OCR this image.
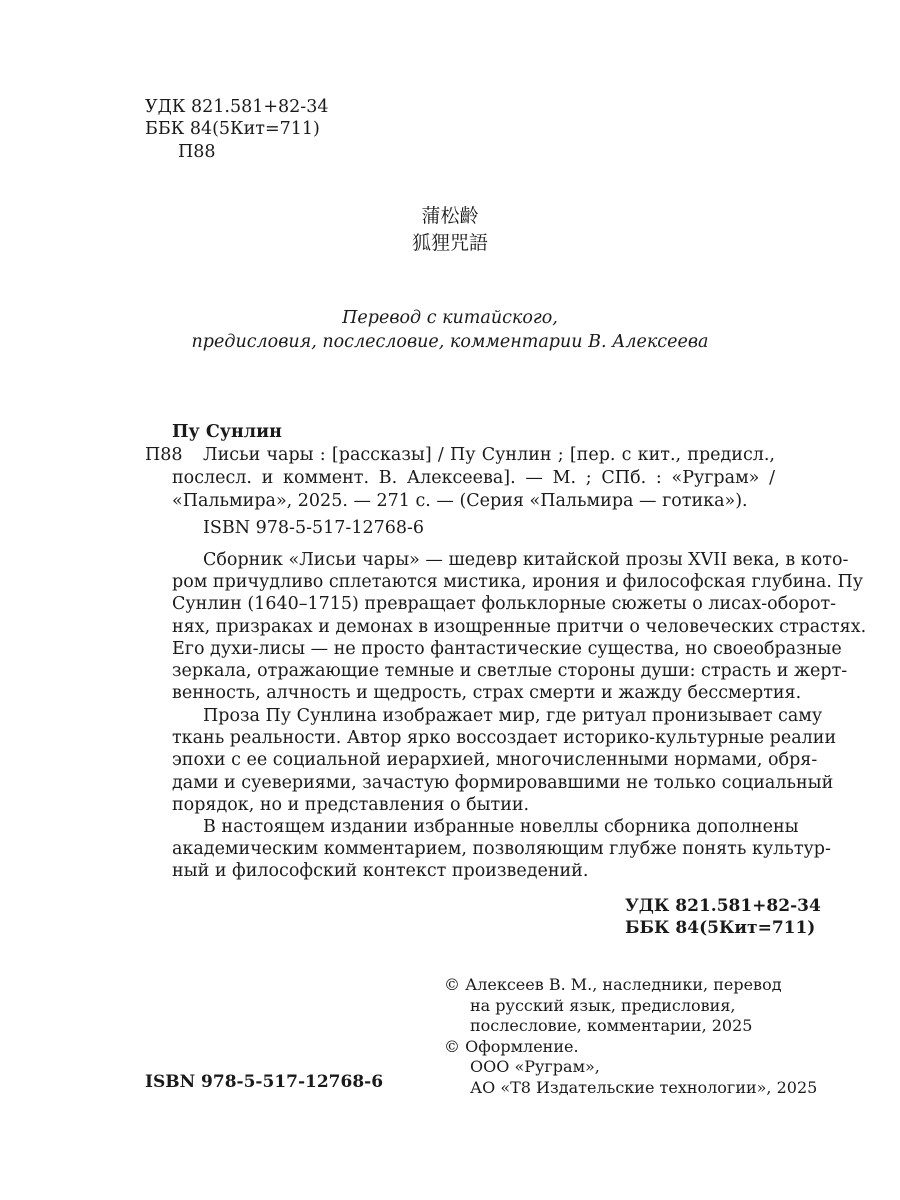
УДК 821.581+82-34
ББК 84(5Кит=711)
П88
蒲松齡
狐狸咒語
Перевод с китайского,
предисловия, послесловие, комментарии В. Алексеева
Пу Сунлин
П88 Лисьи чары : [рассказы] / Пу Сунлин ; [пер. с кит., предисл.,
послесл. и коммент. В. Алексеева]. — М. ; СПб. : «Руграм» /
«Пальмира», 2025. — 271 с. — (Серия «Пальмира — готика»).
ISBN 978-5-517-12768-6
Сборник «Лисьи чары» — шедевр китайской прозы XVII века, в кото-
ром причудливо сплетаются мистика, ирония и философская глубина. Пу
Сунлин (1640–1715) превращает фольклорные сюжеты о лисах-оборот-
нях, призраках и демонах в изощренные притчи о человеческих страстях.
Его духи-лисы — не просто фантастические существа, но своеобразные
зеркала, отражающие темные и светлые стороны души: страсть и жерт-
венность, алчность и щедрость, страх смерти и жажду бессмертия.
Проза Пу Сунлина изображает мир, где ритуал пронизывает саму
ткань реальности. Автор ярко воссоздает историко-культурные реалии
эпохи с ее социальной иерархией, многочисленными нормами, обря-
дами и суевериями, зачастую формировавшими не только социальный
порядок, но и представления о бытии.
В настоящем издании избранные новеллы сборника дополнены
академическим комментарием, позволяющим глубже понять культур-
ный и философский контекст произведений.
УДК 821.581+82-34
ББК 84(5Кит=711)
© Алексеев В. М., наследники, перевод
на русский язык, предисловия,
послесловие, комментарии, 2025
© Оформление.
ООО «Руграм»,
АО «Т8 Издательские технологии», 2025
ISBN 978-5-517-12768-6
